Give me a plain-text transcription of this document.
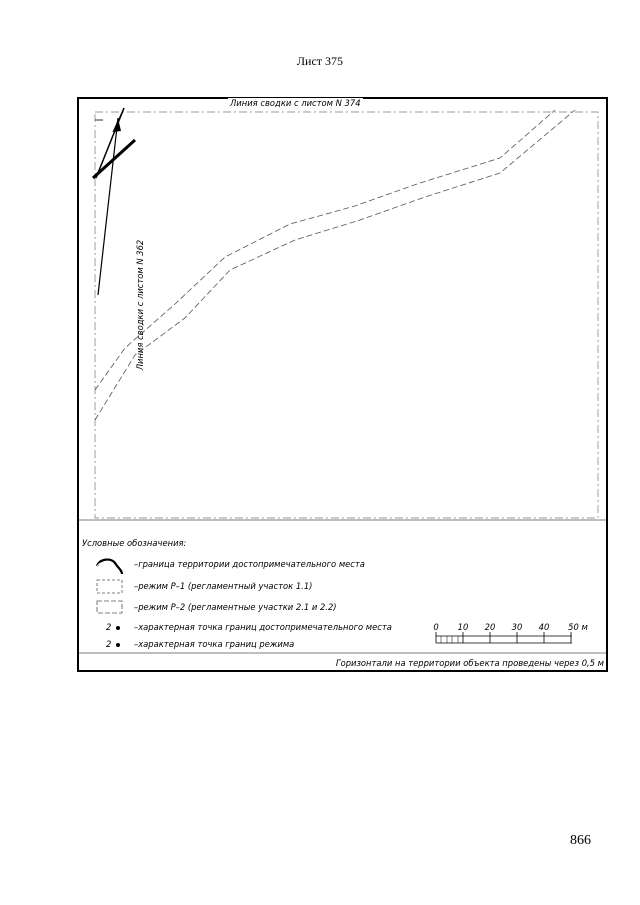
Лист 375
Линия сводки с листом N 374
Линия сводки с листом N 362
Условные обозначения:
–граница территории достопримечательного места
–режим Р–1 (регламентный участок 1.1)
–режим Р–2 (регламентные участки 2.1 и 2.2)
2	–характерная точка границ достопримечательного места
2	–характерная точка границ режима
0 10 20 30 40 50 м
Горизонтали на территории объекта проведены через 0,5 м
866
